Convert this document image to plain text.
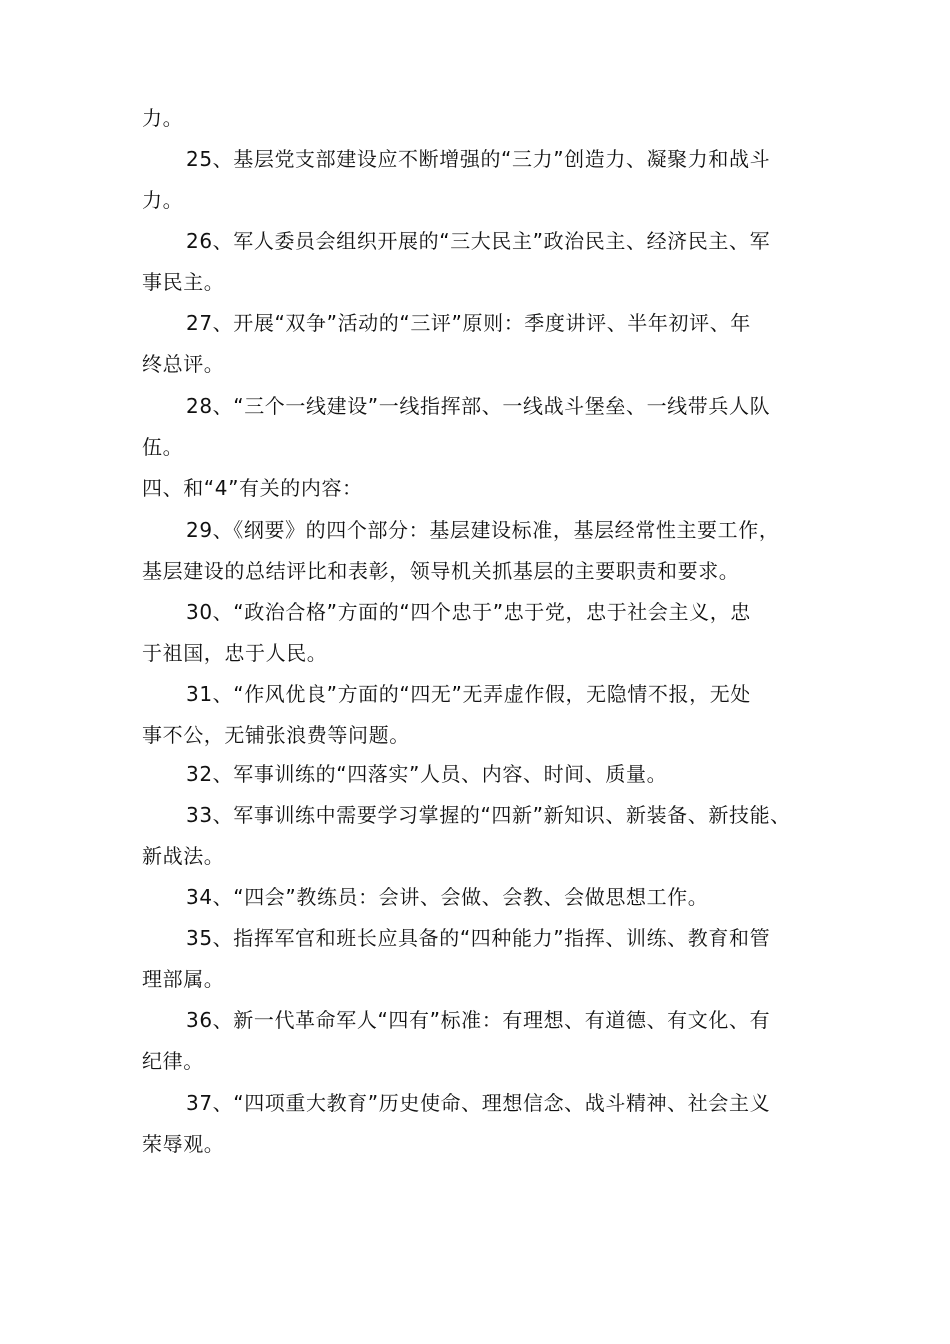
力。
25、基层党支部建设应不断增强的“三力”创造力、凝聚力和战斗
力。
26、军人委员会组织开展的“三大民主”政治民主、经济民主、军
事民主。
27、开展“双争”活动的“三评”原则：季度讲评、半年初评、年
终总评。
28、“三个一线建设”一线指挥部、一线战斗堡垒、一线带兵人队
伍。
四、和“4”有关的内容：
29、《纲要》的四个部分：基层建设标准，基层经常性主要工作，
基层建设的总结评比和表彰，领导机关抓基层的主要职责和要求。
30、“政治合格”方面的“四个忠于”忠于党，忠于社会主义，忠
于祖国，忠于人民。
31、“作风优良”方面的“四无”无弄虚作假，无隐情不报，无处
事不公，无铺张浪费等问题。
32、军事训练的“四落实”人员、内容、时间、质量。
33、军事训练中需要学习掌握的“四新”新知识、新装备、新技能、
新战法。
34、“四会”教练员：会讲、会做、会教、会做思想工作。
35、指挥军官和班长应具备的“四种能力”指挥、训练、教育和管
理部属。
36、新一代革命军人“四有”标准：有理想、有道德、有文化、有
纪律。
37、“四项重大教育”历史使命、理想信念、战斗精神、社会主义
荣辱观。
